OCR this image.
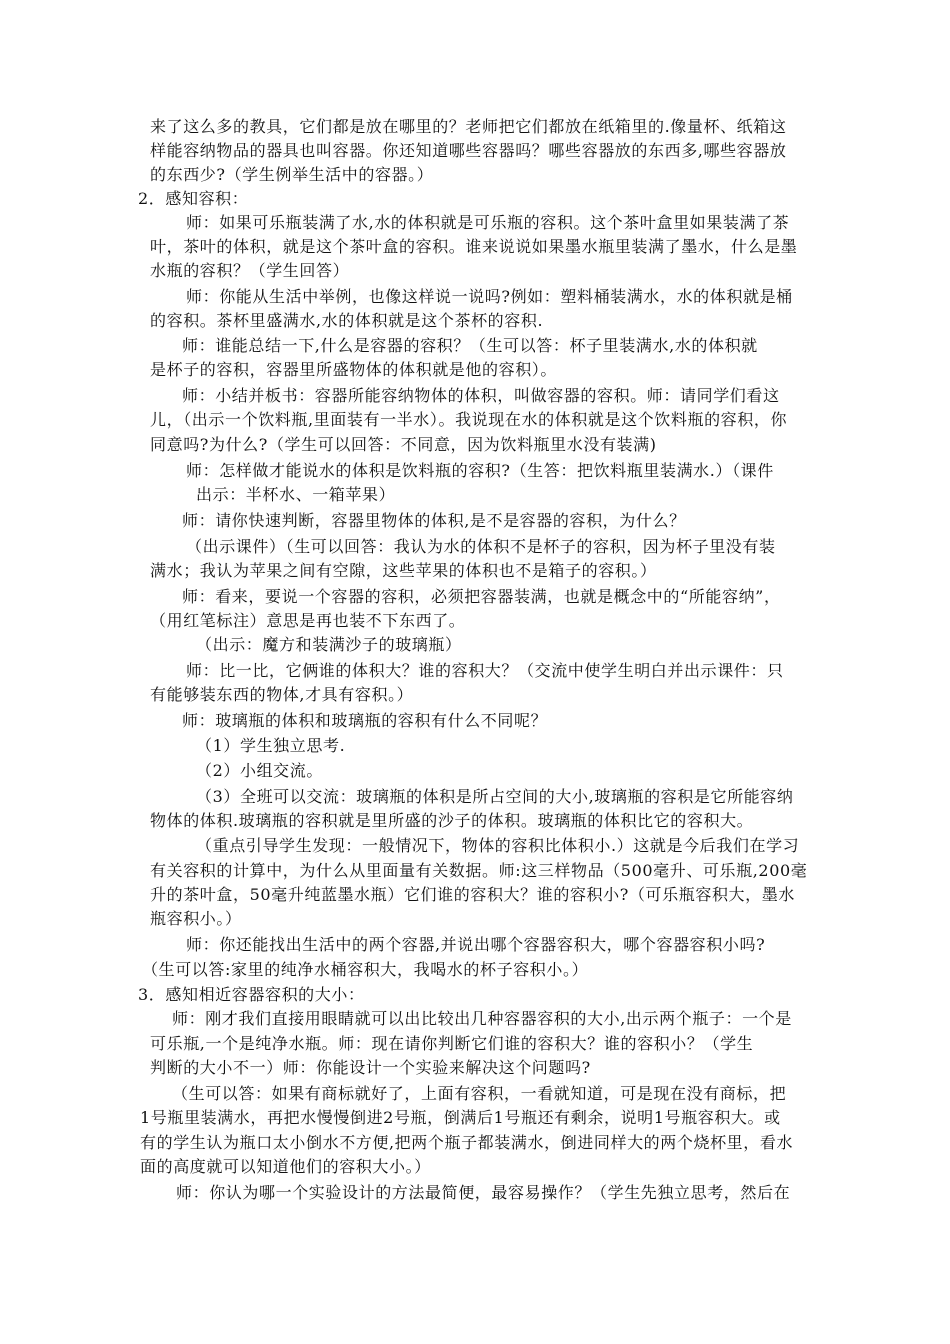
来了这么多的教具，它们都是放在哪里的？老师把它们都放在纸箱里的.像量杯、纸箱这
样能容纳物品的器具也叫容器。你还知道哪些容器吗？哪些容器放的东西多,哪些容器放
的东西少?（学生例举生活中的容器。）
2．感知容积：
师：如果可乐瓶装满了水,水的体积就是可乐瓶的容积。这个茶叶盒里如果装满了茶
叶，茶叶的体积，就是这个茶叶盒的容积。谁来说说如果墨水瓶里装满了墨水，什么是墨
水瓶的容积？（学生回答）
师：你能从生活中举例，也像这样说一说吗?例如：塑料桶装满水，水的体积就是桶
的容积。茶杯里盛满水,水的体积就是这个茶杯的容积.
师：谁能总结一下,什么是容器的容积？（生可以答：杯子里装满水,水的体积就
是杯子的容积，容器里所盛物体的体积就是他的容积）。
师：小结并板书：容器所能容纳物体的体积，叫做容器的容积。师：请同学们看这
儿，（出示一个饮料瓶,里面装有一半水）。我说现在水的体积就是这个饮料瓶的容积，你
同意吗?为什么?（学生可以回答：不同意，因为饮料瓶里水没有装满)
师：怎样做才能说水的体积是饮料瓶的容积?（生答：把饮料瓶里装满水.）（课件
出示：半杯水、一箱苹果）
师：请你快速判断，容器里物体的体积,是不是容器的容积，为什么？
（出示课件）（生可以回答：我认为水的体积不是杯子的容积，因为杯子里没有装
满水；我认为苹果之间有空隙，这些苹果的体积也不是箱子的容积。）
师：看来，要说一个容器的容积，必须把容器装满，也就是概念中的“所能容纳”，
（用红笔标注）意思是再也装不下东西了。
（出示：魔方和装满沙子的玻璃瓶）
师：比一比，它俩谁的体积大？谁的容积大？（交流中使学生明白并出示课件：只
有能够装东西的物体,才具有容积。）
师：玻璃瓶的体积和玻璃瓶的容积有什么不同呢？
（1）学生独立思考.
（2）小组交流。
（3）全班可以交流：玻璃瓶的体积是所占空间的大小,玻璃瓶的容积是它所能容纳
物体的体积.玻璃瓶的容积就是里所盛的沙子的体积。玻璃瓶的体积比它的容积大。
（重点引导学生发现：一般情况下，物体的容积比体积小.）这就是今后我们在学习
有关容积的计算中，为什么从里面量有关数据。师:这三样物品（500毫升、可乐瓶,200毫
升的茶叶盒，50毫升纯蓝墨水瓶）它们谁的容积大？谁的容积小?（可乐瓶容积大，墨水
瓶容积小。）
师：你还能找出生活中的两个容器,并说出哪个容器容积大，哪个容器容积小吗?
（生可以答:家里的纯净水桶容积大，我喝水的杯子容积小。）
3．感知相近容器容积的大小：
师：刚才我们直接用眼睛就可以出比较出几种容器容积的大小,出示两个瓶子：一个是
可乐瓶,一个是纯净水瓶。师：现在请你判断它们谁的容积大？谁的容积小？（学生
判断的大小不一）师：你能设计一个实验来解决这个问题吗?
（生可以答：如果有商标就好了，上面有容积，一看就知道，可是现在没有商标，把
1号瓶里装满水，再把水慢慢倒进2号瓶，倒满后1号瓶还有剩余，说明1号瓶容积大。或
有的学生认为瓶口太小倒水不方便,把两个瓶子都装满水，倒进同样大的两个烧杯里，看水
面的高度就可以知道他们的容积大小。）
师：你认为哪一个实验设计的方法最简便，最容易操作？（学生先独立思考，然后在
